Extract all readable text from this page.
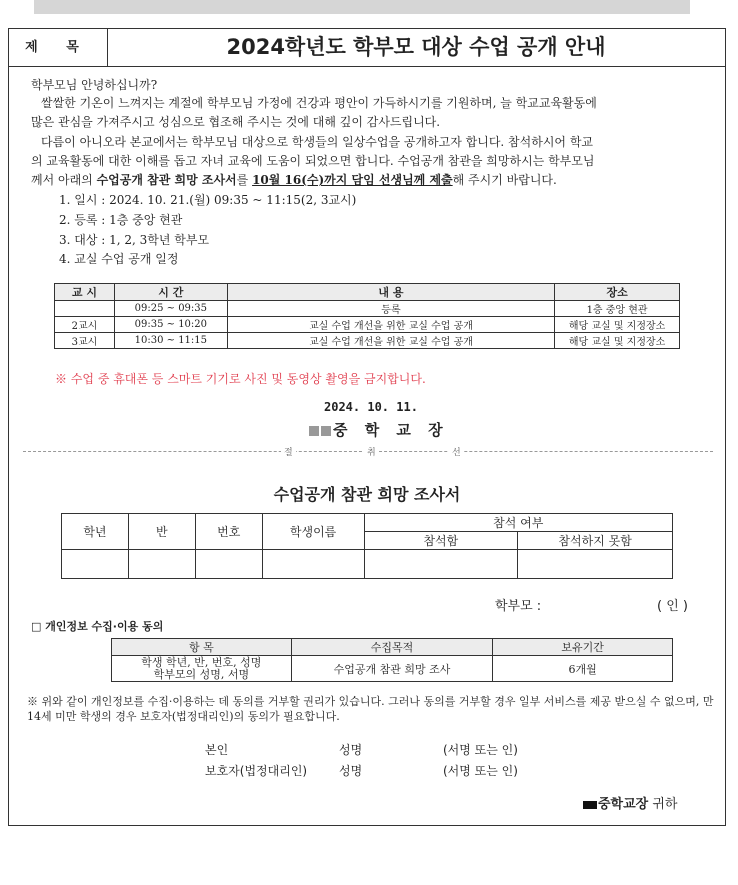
제 목	2024학년도 학부모 대상 수업 공개 안내
학부모님 안녕하십니까?
쌀쌀한 기온이 느껴지는 계절에 학부모님 가정에 건강과 평안이 가득하시기를 기원하며, 늘 학교교육활동에
많은 관심을 가져주시고 성심으로 협조해 주시는 것에 대해 깊이 감사드립니다.
다름이 아니오라 본교에서는 학부모님 대상으로 학생들의 일상수업을 공개하고자 합니다. 참석하시어 학교
의 교육활동에 대한 이해를 돕고 자녀 교육에 도움이 되었으면 합니다. 수업공개 참관을 희망하시는 학부모님
께서 아래의 수업공개 참관 희망 조사서를 10월 16(수)까지 담임 선생님께 제출해 주시기 바랍니다.
1. 일시 : 2024. 10. 21.(월) 09:35 ~ 11:15(2, 3교시)
2. 등록 : 1층 중앙 현관
3. 대상 : 1, 2, 3학년 학부모
4. 교실 수업 공개 일정
교 시	시 간	내 용	장소
	09:25 ~ 09:35	등록	1층 중앙 현관
2교시	09:35 ~ 10:20	교실 수업 개선을 위한 교실 수업 공개	해당 교실 및 지정장소
3교시	10:30 ~ 11:15	교실 수업 개선을 위한 교실 수업 공개	해당 교실 및 지정장소
※ 수업 중 휴대폰 등 스마트 기기로 사진 및 동영상 촬영을 금지합니다.
2024. 10. 11.
중 학 교 장
절	취	선
수업공개 참관 희망 조사서
학년	반	번호	학생이름	참석 여부	
				참석함	참석하지 못함

학부모 :	( 인 )
□ 개인정보 수집·이용 동의
항 목	수집목적	보유기간
학생 학년, 반, 번호, 성명
학부모의 성명, 서명	수업공개 참관 희망 조사	6개월
※ 위와 같이 개인정보를 수집·이용하는 데 동의를 거부할 권리가 있습니다. 그러나 동의를 거부할 경우 일부 서비스를 제공 받으실 수 없으며, 만 14세 미만 학생의 경우 보호자(법정대리인)의 동의가 필요합니다.
본인	성명	(서명 또는 인)
보호자(법정대리인)	성명	(서명 또는 인)
중학교장 귀하
